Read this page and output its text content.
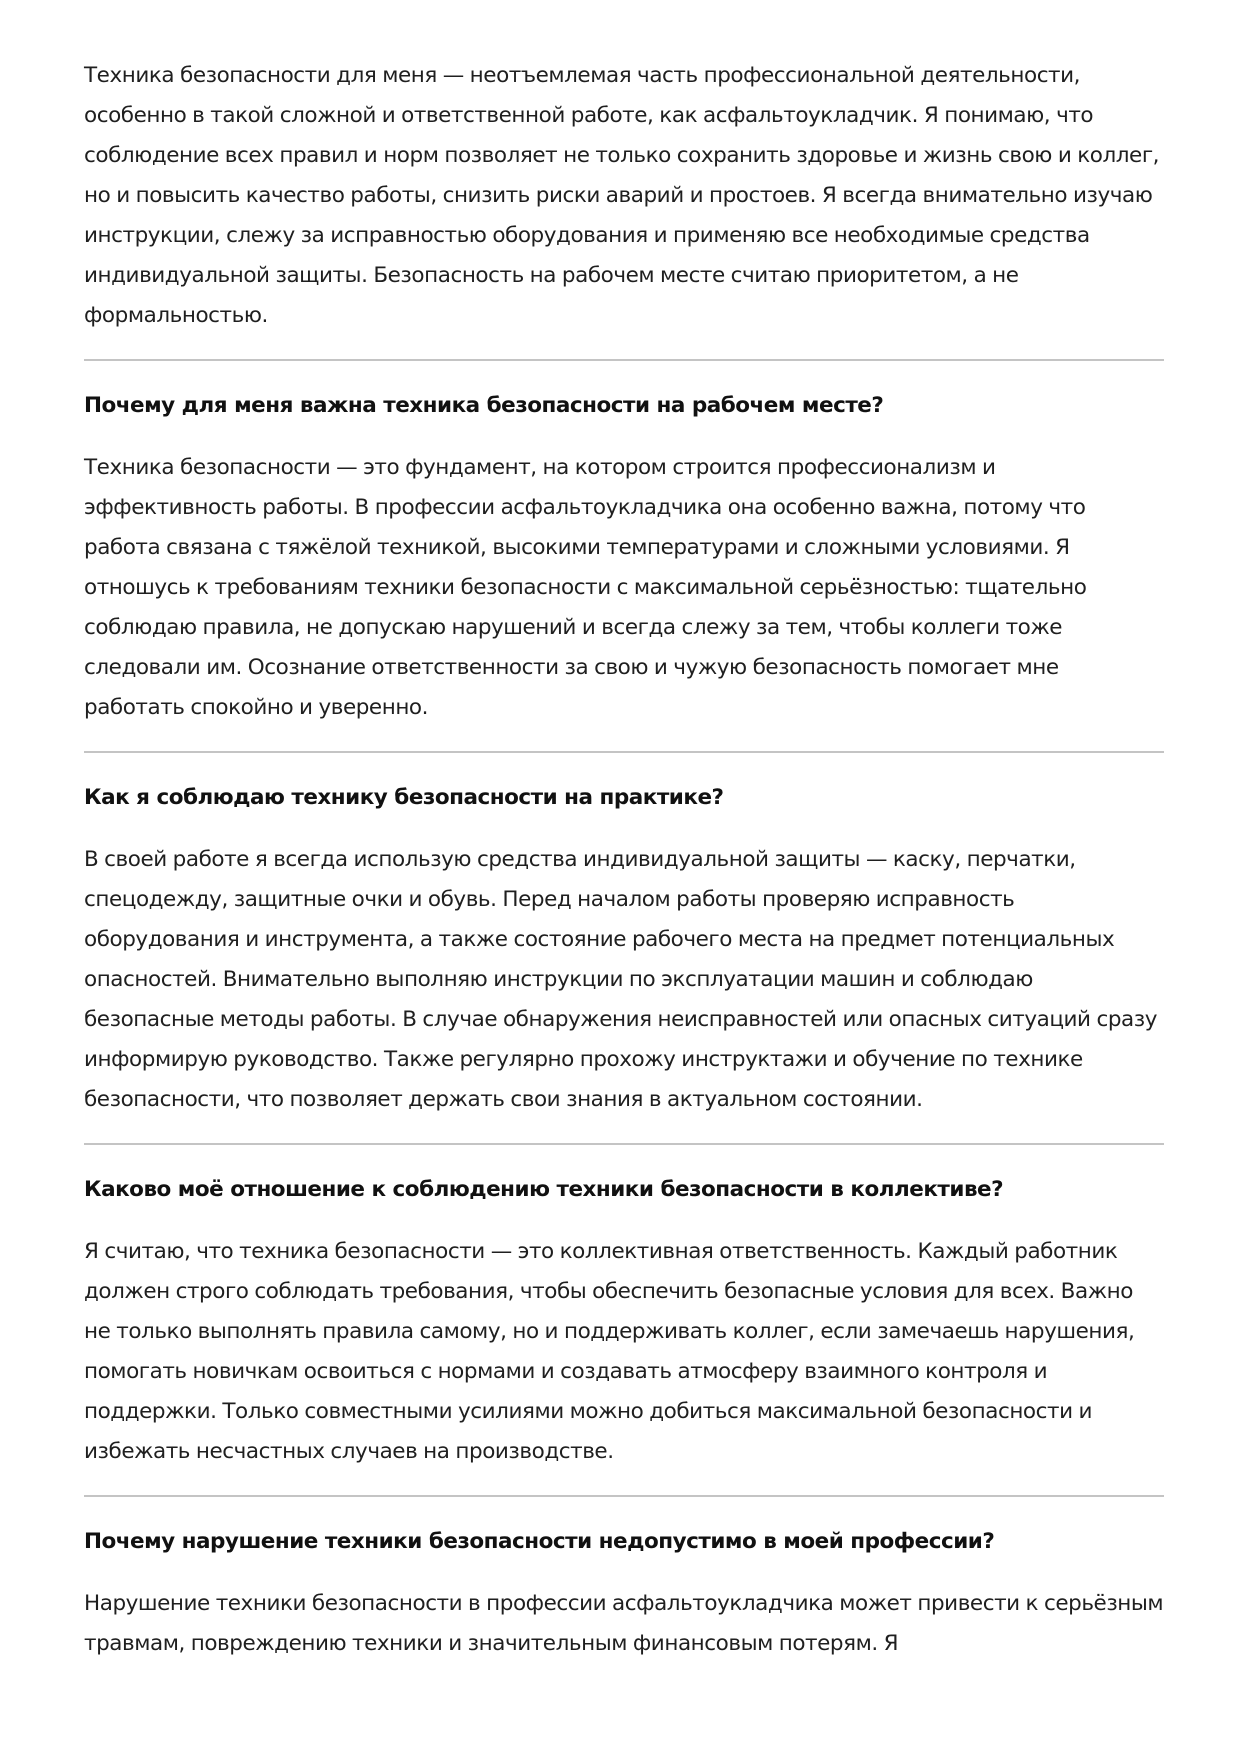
Техника безопасности для меня — неотъемлемая часть профессиональной деятельности, особенно в такой сложной и ответственной работе, как асфальтоукладчик. Я понимаю, что соблюдение всех правил и норм позволяет не только сохранить здоровье и жизнь свою и коллег, но и повысить качество работы, снизить риски аварий и простоев. Я всегда внимательно изучаю инструкции, слежу за исправностью оборудования и применяю все необходимые средства индивидуальной защиты. Безопасность на рабочем месте считаю приоритетом, а не формальностью.

Почему для меня важна техника безопасности на рабочем месте?

Техника безопасности — это фундамент, на котором строится профессионализм и эффективность работы. В профессии асфальтоукладчика она особенно важна, потому что работа связана с тяжёлой техникой, высокими температурами и сложными условиями. Я отношусь к требованиям техники безопасности с максимальной серьёзностью: тщательно соблюдаю правила, не допускаю нарушений и всегда слежу за тем, чтобы коллеги тоже следовали им. Осознание ответственности за свою и чужую безопасность помогает мне работать спокойно и уверенно.

Как я соблюдаю технику безопасности на практике?

В своей работе я всегда использую средства индивидуальной защиты — каску, перчатки, спецодежду, защитные очки и обувь. Перед началом работы проверяю исправность оборудования и инструмента, а также состояние рабочего места на предмет потенциальных опасностей. Внимательно выполняю инструкции по эксплуатации машин и соблюдаю безопасные методы работы. В случае обнаружения неисправностей или опасных ситуаций сразу информирую руководство. Также регулярно прохожу инструктажи и обучение по технике безопасности, что позволяет держать свои знания в актуальном состоянии.

Каково моё отношение к соблюдению техники безопасности в коллективе?

Я считаю, что техника безопасности — это коллективная ответственность. Каждый работник должен строго соблюдать требования, чтобы обеспечить безопасные условия для всех. Важно не только выполнять правила самому, но и поддерживать коллег, если замечаешь нарушения, помогать новичкам освоиться с нормами и создавать атмосферу взаимного контроля и поддержки. Только совместными усилиями можно добиться максимальной безопасности и избежать несчастных случаев на производстве.

Почему нарушение техники безопасности недопустимо в моей профессии?

Нарушение техники безопасности в профессии асфальтоукладчика может привести к серьёзным травмам, повреждению техники и значительным финансовым потерям. Я
